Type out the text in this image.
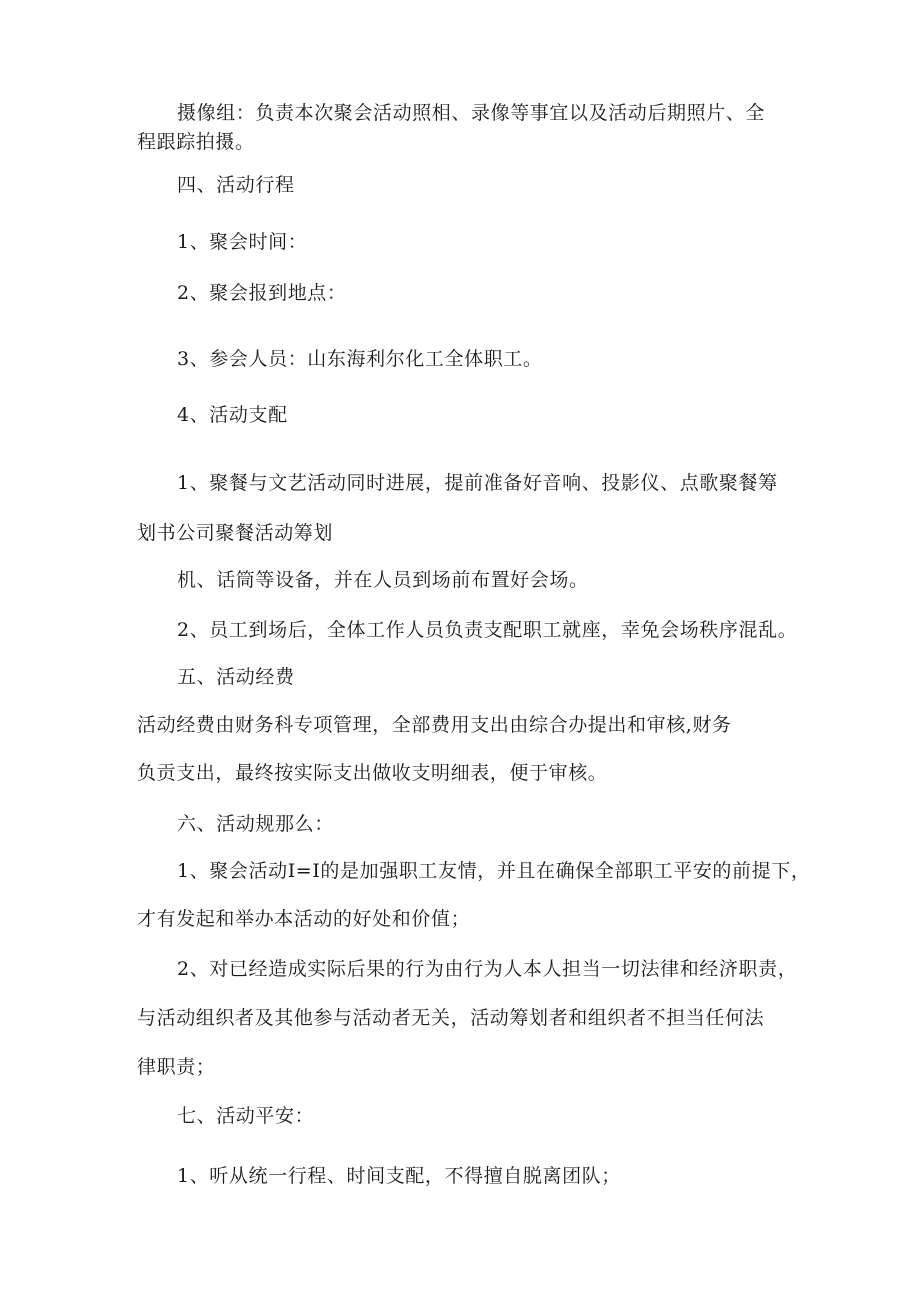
摄像组：负责本次聚会活动照相、录像等事宜以及活动后期照片、全
程跟踪拍摄。
四、活动行程
1、聚会时间：
2、聚会报到地点：
3、参会人员：山东海利尔化工全体职工。
4、活动支配
1、聚餐与文艺活动同时进展，提前准备好音响、投影仪、点歌聚餐筹
划书公司聚餐活动筹划
机、话筒等设备，并在人员到场前布置好会场。
2、员工到场后，全体工作人员负责支配职工就座，幸免会场秩序混乱。
五、活动经费
活动经费由财务科专项管理，全部费用支出由综合办提出和审核,财务
负贡支出，最终按实际支出做收支明细表，便于审核。
六、活动规那么：
1、聚会活动I=I的是加强职工友情，并且在确保全部职工平安的前提下，
才有发起和举办本活动的好处和价值；
2、对已经造成实际后果的行为由行为人本人担当一切法律和经济职责，
与活动组织者及其他参与活动者无关，活动筹划者和组织者不担当任何法
律职责；
七、活动平安：
1、听从统一行程、时间支配，不得擅自脱离团队；
